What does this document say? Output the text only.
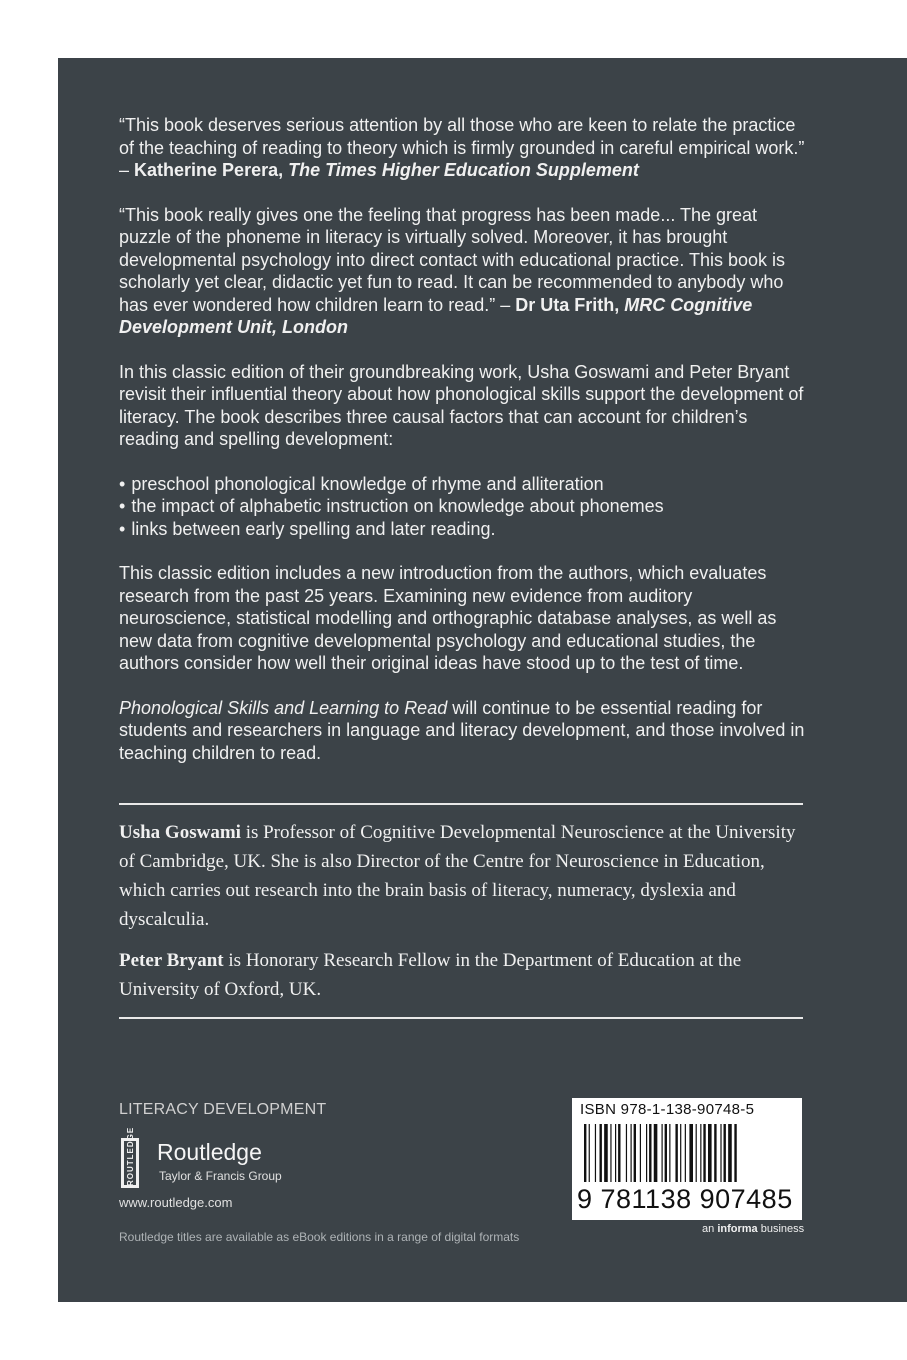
“This book deserves serious attention by all those who are keen to relate the practice of the teaching of reading to theory which is firmly grounded in careful empirical work.” – Katherine Perera, The Times Higher Education Supplement

“This book really gives one the feeling that progress has been made... The great puzzle of the phoneme in literacy is virtually solved. Moreover, it has brought developmental psychology into direct contact with educational practice. This book is scholarly yet clear, didactic yet fun to read. It can be recommended to anybody who has ever wondered how children learn to read.” – Dr Uta Frith, MRC Cognitive Development Unit, London

In this classic edition of their groundbreaking work, Usha Goswami and Peter Bryant revisit their influential theory about how phonological skills support the development of literacy. The book describes three causal factors that can account for children’s reading and spelling development:

• preschool phonological knowledge of rhyme and alliteration
• the impact of alphabetic instruction on knowledge about phonemes
• links between early spelling and later reading.

This classic edition includes a new introduction from the authors, which evaluates research from the past 25 years. Examining new evidence from auditory neuroscience, statistical modelling and orthographic database analyses, as well as new data from cognitive developmental psychology and educational studies, the authors consider how well their original ideas have stood up to the test of time.

Phonological Skills and Learning to Read will continue to be essential reading for students and researchers in language and literacy development, and those involved in teaching children to read.

Usha Goswami is Professor of Cognitive Developmental Neuroscience at the University of Cambridge, UK. She is also Director of the Centre for Neuroscience in Education, which carries out research into the brain basis of literacy, numeracy, dyslexia and dyscalculia.

Peter Bryant is Honorary Research Fellow in the Department of Education at the University of Oxford, UK.

LITERACY DEVELOPMENT
ROUTLEDGE Routledge
Taylor & Francis Group
www.routledge.com
Routledge titles are available as eBook editions in a range of digital formats
ISBN 978-1-138-90748-5
9 781138 907485
an informa business
